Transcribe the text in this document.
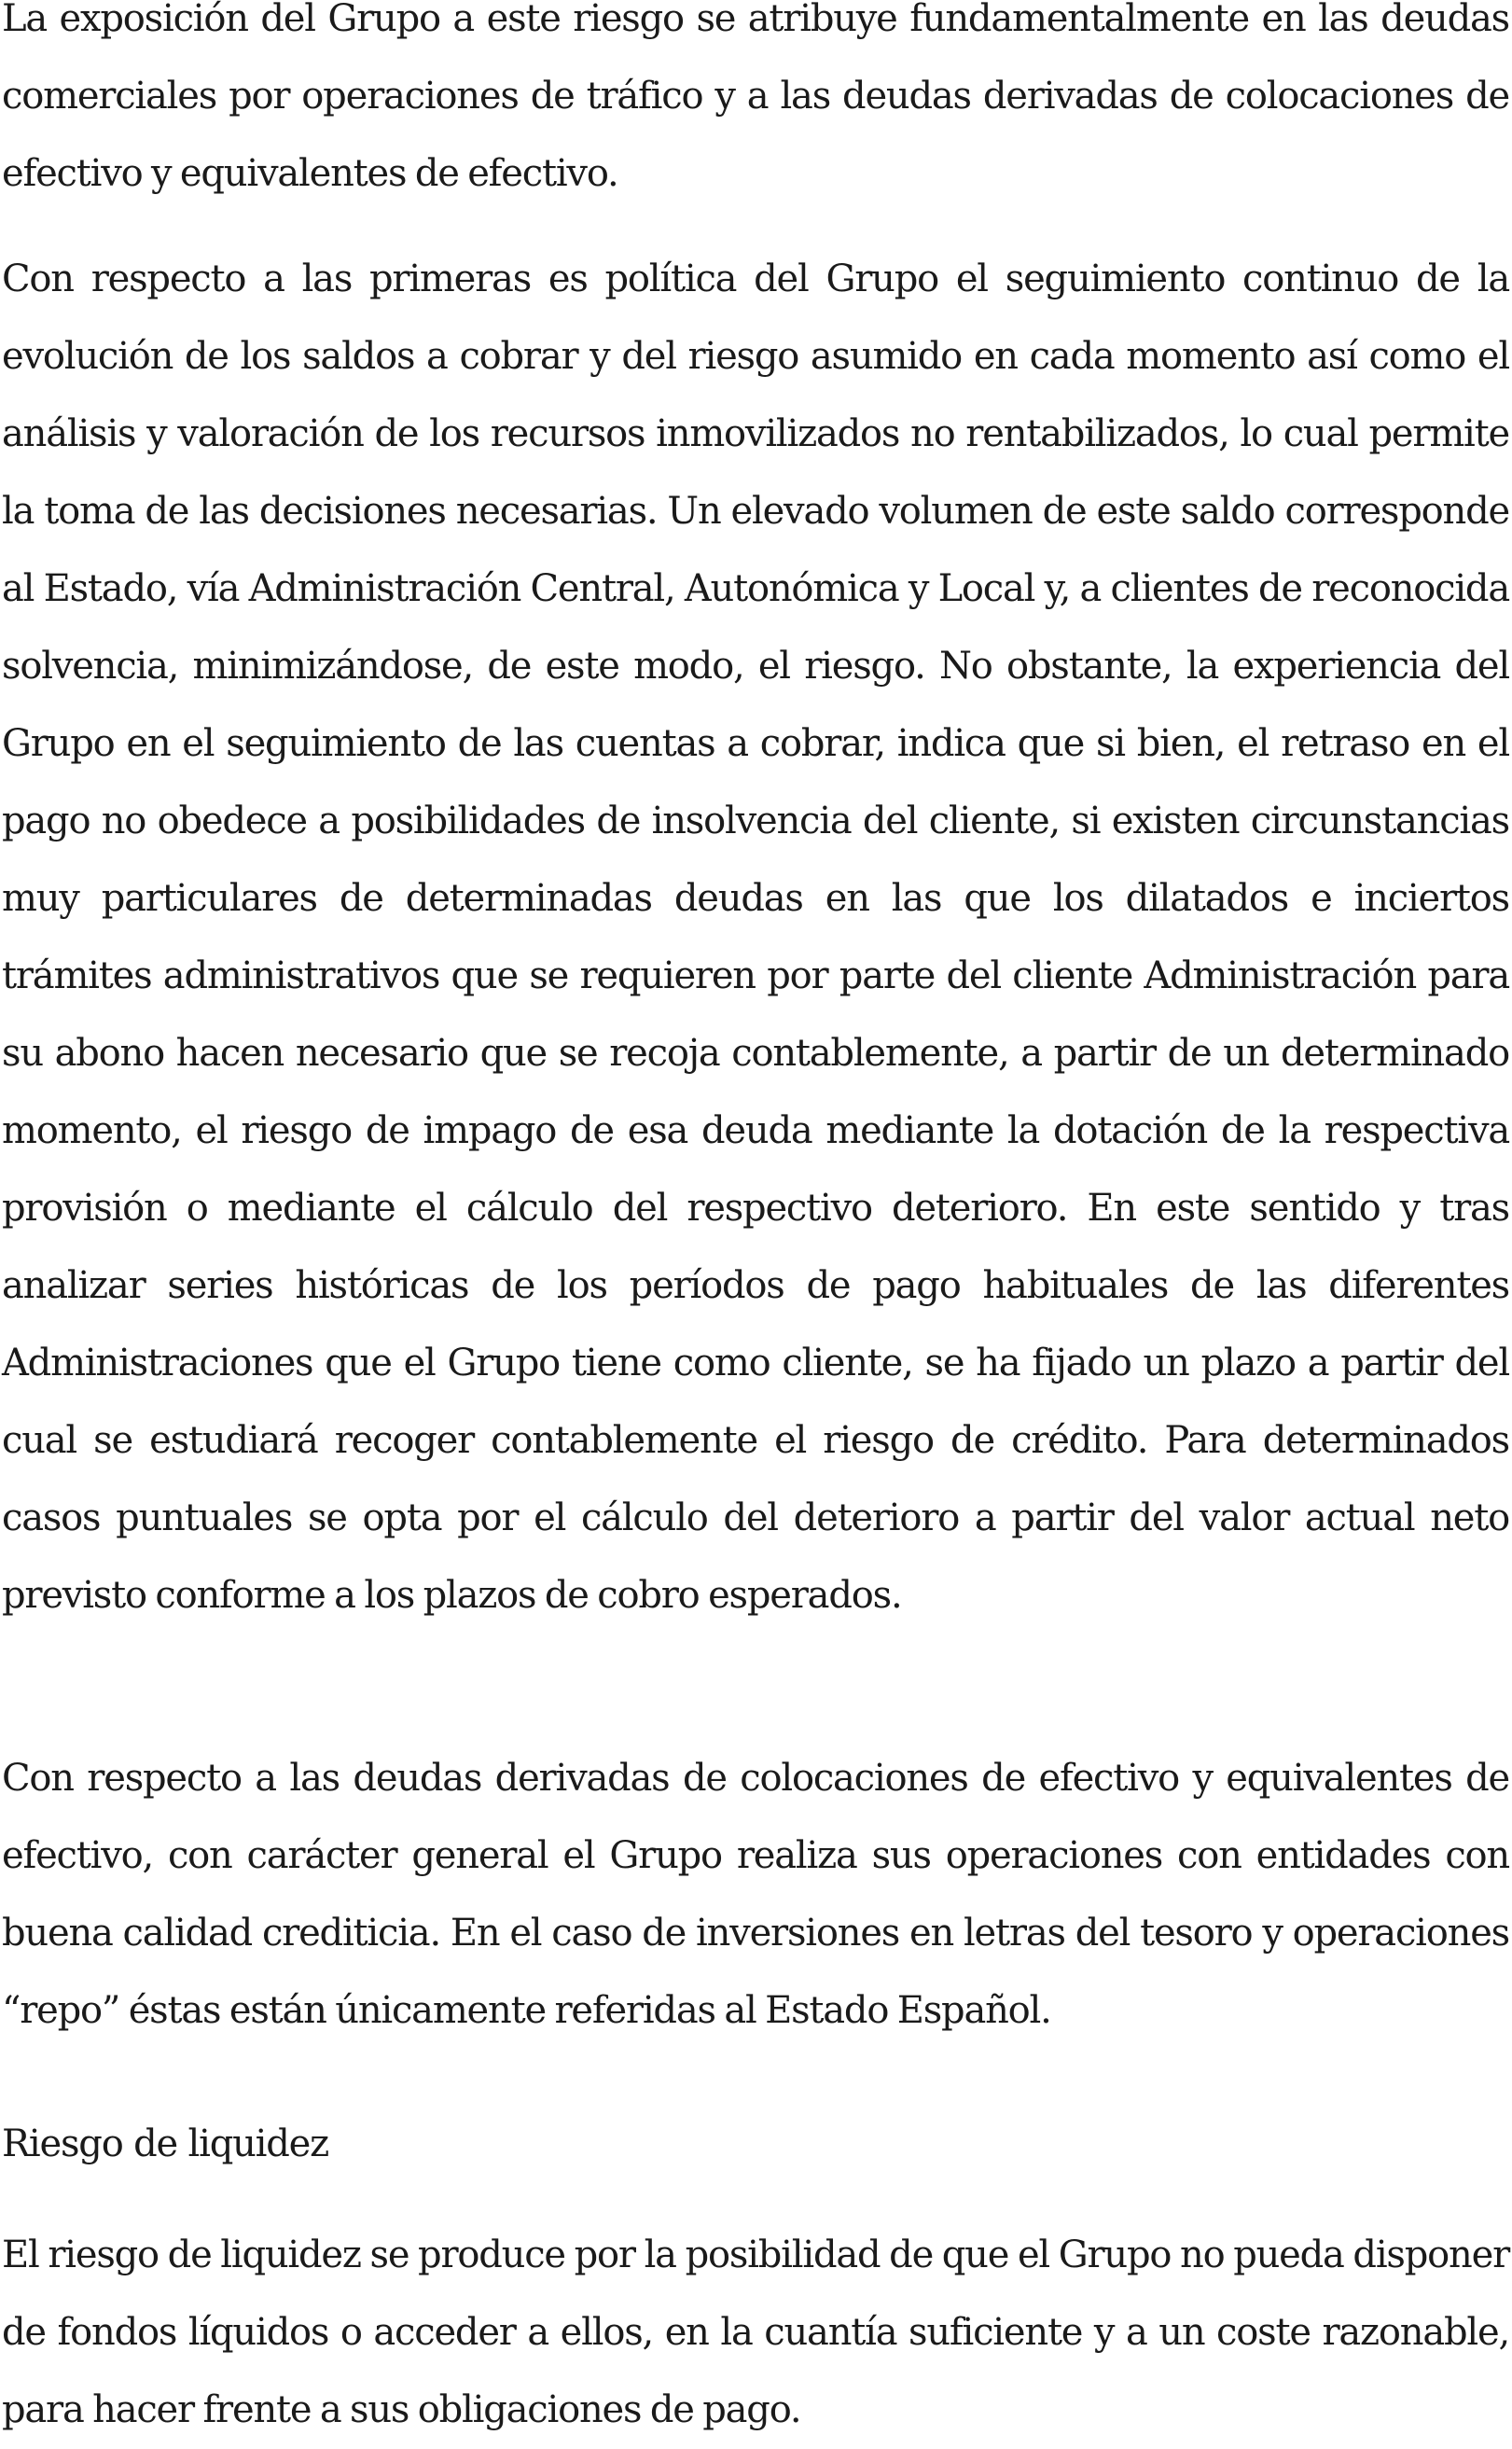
La exposición del Grupo a este riesgo se atribuye fundamentalmente en las deudas comerciales por operaciones de tráfico y a las deudas derivadas de colocaciones de efectivo y equivalentes de efectivo.

Con respecto a las primeras es política del Grupo el seguimiento continuo de la evolución de los saldos a cobrar y del riesgo asumido en cada momento así como el análisis y valoración de los recursos inmovilizados no rentabilizados, lo cual permite la toma de las decisiones necesarias. Un elevado volumen de este saldo corresponde al Estado, vía Administración Central, Autonómica y Local y, a clientes de reconocida solvencia, minimizándose, de este modo, el riesgo. No obstante, la experiencia del Grupo en el seguimiento de las cuentas a cobrar, indica que si bien, el retraso en el pago no obedece a posibilidades de insolvencia del cliente, si existen circunstancias muy particulares de determinadas deudas en las que los dilatados e inciertos trámites administrativos que se requieren por parte del cliente Administración para su abono hacen necesario que se recoja contablemente, a partir de un determinado momento, el riesgo de impago de esa deuda mediante la dotación de la respectiva provisión o mediante el cálculo del respectivo deterioro. En este sentido y tras analizar series históricas de los períodos de pago habituales de las diferentes Administraciones que el Grupo tiene como cliente, se ha fijado un plazo a partir del cual se estudiará recoger contablemente el riesgo de crédito. Para determinados casos puntuales se opta por el cálculo del deterioro a partir del valor actual neto previsto conforme a los plazos de cobro esperados.

Con respecto a las deudas derivadas de colocaciones de efectivo y equivalentes de efectivo, con carácter general el Grupo realiza sus operaciones con entidades con buena calidad crediticia. En el caso de inversiones en letras del tesoro y operaciones “repo” éstas están únicamente referidas al Estado Español.

Riesgo de liquidez

El riesgo de liquidez se produce por la posibilidad de que el Grupo no pueda disponer de fondos líquidos o acceder a ellos, en la cuantía suficiente y a un coste razonable, para hacer frente a sus obligaciones de pago.
